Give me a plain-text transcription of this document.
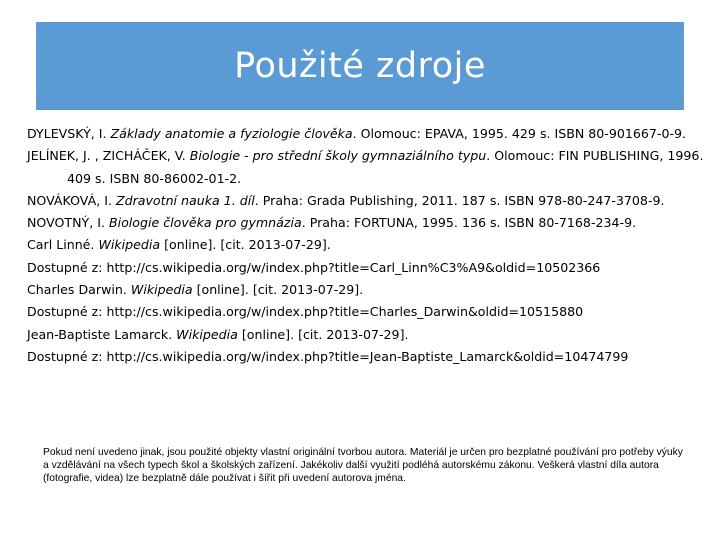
Použité zdroje
DYLEVSKÝ, I. Základy anatomie a fyziologie člověka. Olomouc: EPAVA, 1995. 429 s. ISBN 80-901667-0-9.
JELÍNEK, J. , ZICHÁČEK, V. Biologie - pro střední školy gymnaziálního typu. Olomouc: FIN PUBLISHING, 1996. 409 s. ISBN 80-86002-01-2.
NOVÁKOVÁ, I. Zdravotní nauka 1. díl. Praha: Grada Publishing, 2011. 187 s. ISBN 978-80-247-3708-9.
NOVOTNÝ, I. Biologie člověka pro gymnázia. Praha: FORTUNA, 1995. 136 s. ISBN 80-7168-234-9.
Carl Linné. Wikipedia [online]. [cit. 2013-07-29].
Dostupné z: http://cs.wikipedia.org/w/index.php?title=Carl_Linn%C3%A9&oldid=10502366
Charles Darwin. Wikipedia [online]. [cit. 2013-07-29].
Dostupné z: http://cs.wikipedia.org/w/index.php?title=Charles_Darwin&oldid=10515880
Jean-Baptiste Lamarck. Wikipedia [online]. [cit. 2013-07-29].
Dostupné z: http://cs.wikipedia.org/w/index.php?title=Jean-Baptiste_Lamarck&oldid=10474799
Pokud není uvedeno jinak, jsou použité objekty vlastní originální tvorbou autora. Materiál je určen pro bezplatné používání pro potřeby výuky a vzdělávání na všech typech škol a školských zařízení. Jakékoliv další využití podléhá autorskému zákonu. Veškerá vlastní díla autora (fotografie, videa) lze bezplatně dále používat i šířit při uvedení autorova jména.
